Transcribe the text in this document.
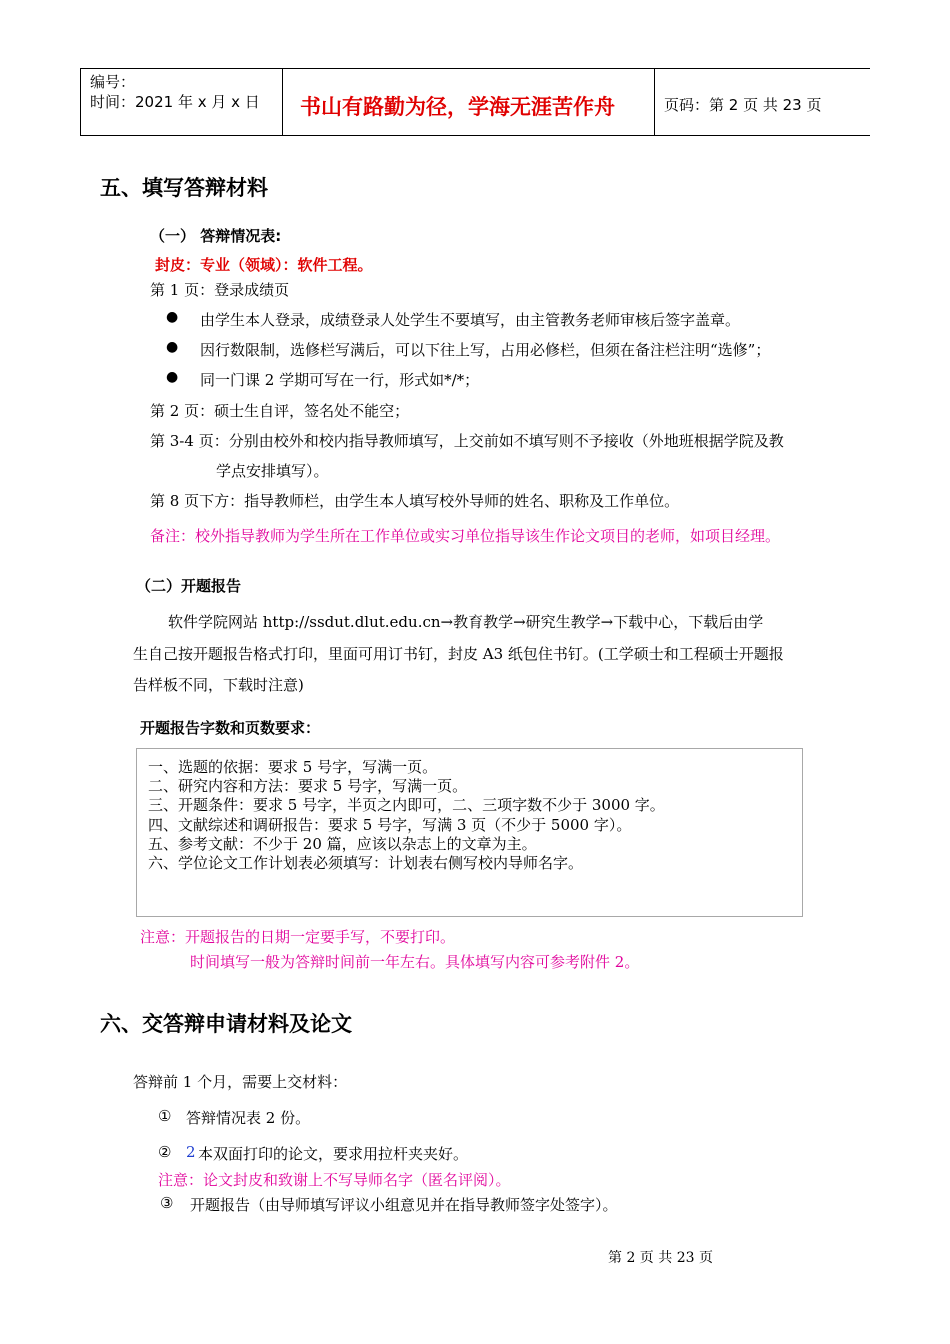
编号：
时间：2021 年 x 月 x 日 书山有路勤为径，学海无涯苦作舟	页码：第 2 页 共 23 页
五、填写答辩材料
（一） 答辩情况表:
封皮：专业（领域）：软件工程。
第 1 页：登录成绩页
● 由学生本人登录，成绩登录人处学生不要填写，由主管教务老师审核后签字盖章。
● 因行数限制，选修栏写满后，可以下往上写，占用必修栏，但须在备注栏注明“选修”；
● 同一门课 2 学期可写在一行，形式如*/*；
第 2 页：硕士生自评，签名处不能空；
第 3-4 页：分别由校外和校内指导教师填写，上交前如不填写则不予接收（外地班根据学院及教
学点安排填写）。
第 8 页下方：指导教师栏，由学生本人填写校外导师的姓名、职称及工作单位。
备注：校外指导教师为学生所在工作单位或实习单位指导该生作论文项目的老师，如项目经理。
（二）开题报告
软件学院网站 http://ssdut.dlut.edu.cn→教育教学→研究生教学→下载中心，下载后由学
生自己按开题报告格式打印，里面可用订书钉，封皮 A3 纸包住书钉。(工学硕士和工程硕士开题报
告样板不同，下载时注意)
开题报告字数和页数要求：
一、选题的依据：要求 5 号字，写满一页。
二、研究内容和方法：要求 5 号字，写满一页。
三、开题条件：要求 5 号字，半页之内即可，二、三项字数不少于 3000 字。
四、文献综述和调研报告：要求 5 号字，写满 3 页（不少于 5000 字）。
五、参考文献：不少于 20 篇，应该以杂志上的文章为主。
六、学位论文工作计划表必须填写：计划表右侧写校内导师名字。
注意：开题报告的日期一定要手写，不要打印。
时间填写一般为答辩时间前一年左右。具体填写内容可参考附件 2。
六、交答辩申请材料及论文
答辩前 1 个月，需要上交材料：
① 答辩情况表 2 份。
② 2 本双面打印的论文，要求用拉杆夹夹好。
注意：论文封皮和致谢上不写导师名字（匿名评阅）。
③ 开题报告（由导师填写评议小组意见并在指导教师签字处签字）。
第 2 页 共 23 页
